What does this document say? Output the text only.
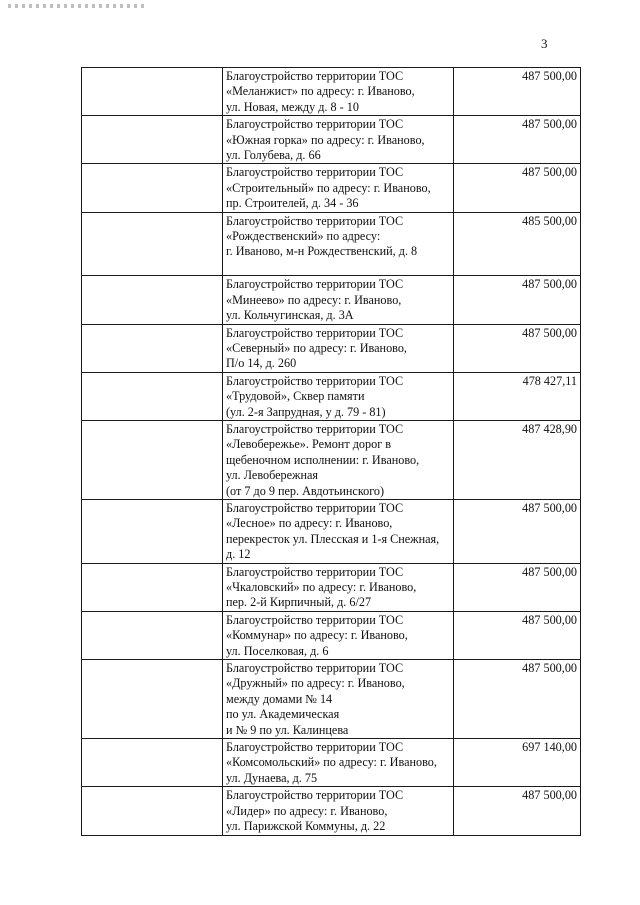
3

	Благоустройство территории ТОС
«Меланжист» по адресу: г. Иваново,
ул. Новая, между д. 8 - 10	487 500,00

	Благоустройство территории ТОС
«Южная горка» по адресу: г. Иваново,
ул. Голубева, д. 66	487 500,00

	Благоустройство территории ТОС
«Строительный» по адресу: г. Иваново,
пр. Строителей, д. 34 - 36	487 500,00

	Благоустройство территории ТОС
«Рождественский» по адресу:
г. Иваново, м-н Рождественский, д. 8	485 500,00

	Благоустройство территории ТОС
«Минеево» по адресу: г. Иваново,
ул. Кольчугинская, д. 3А	487 500,00

	Благоустройство территории ТОС
«Северный» по адресу: г. Иваново,
П/о 14, д. 260	487 500,00

	Благоустройство территории ТОС
«Трудовой», Сквер памяти
(ул. 2-я Запрудная, у д. 79 - 81)	478 427,11

	Благоустройство территории ТОС
«Левобережье». Ремонт дорог в
щебеночном исполнении: г. Иваново,
ул. Левобережная
(от 7 до 9 пер. Авдотьинского)	487 428,90

	Благоустройство территории ТОС
«Лесное» по адресу: г. Иваново,
перекресток ул. Плесская и 1-я Снежная,
д. 12	487 500,00

	Благоустройство территории ТОС
«Чкаловский» по адресу: г. Иваново,
пер. 2-й Кирпичный, д. 6/27	487 500,00

	Благоустройство территории ТОС
«Коммунар» по адресу: г. Иваново,
ул. Поселковая, д. 6	487 500,00

	Благоустройство территории ТОС
«Дружный» по адресу: г. Иваново,
между домами № 14
по ул. Академическая
и № 9 по ул. Калинцева	487 500,00

	Благоустройство территории ТОС
«Комсомольский» по адресу: г. Иваново,
ул. Дунаева, д. 75	697 140,00

	Благоустройство территории ТОС
«Лидер» по адресу: г. Иваново,
ул. Парижской Коммуны, д. 22	487 500,00
